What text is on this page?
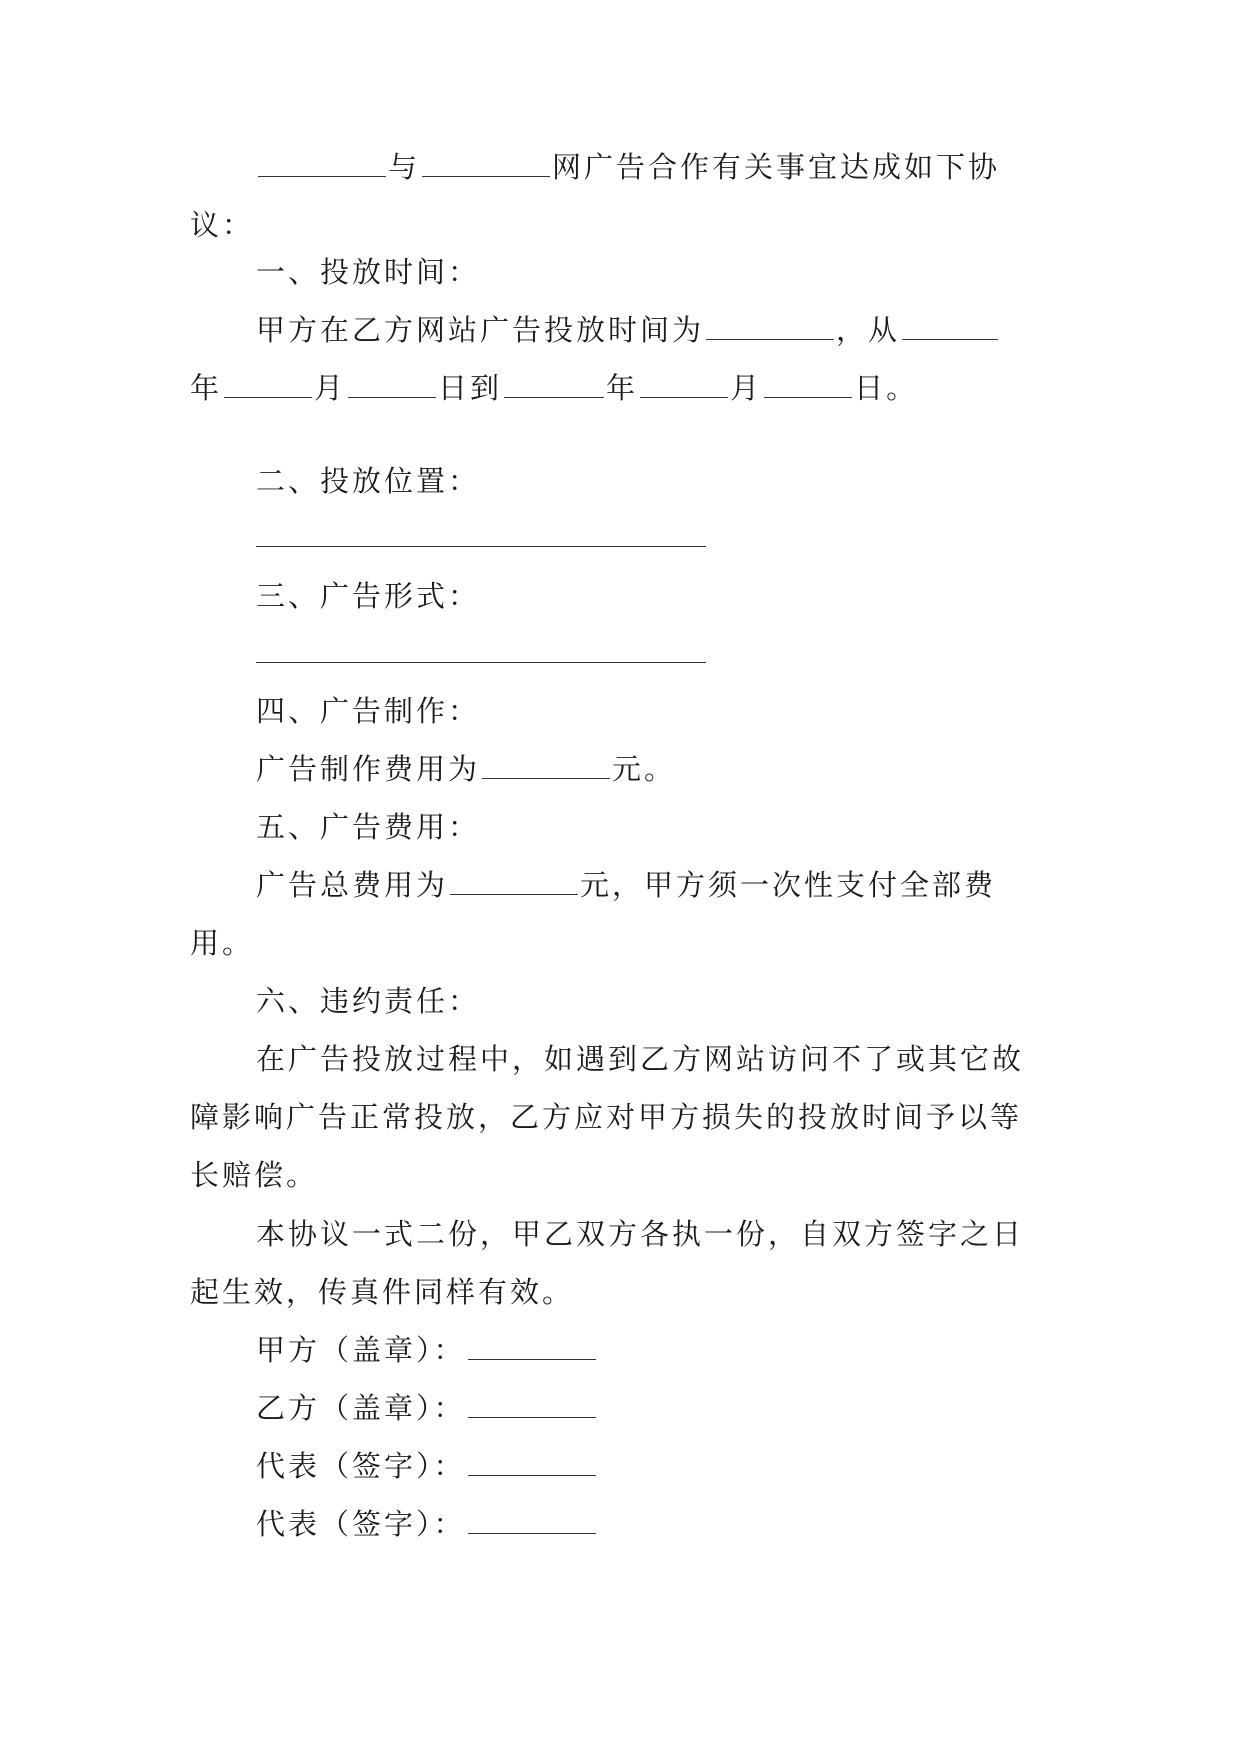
与	网广告合作有关事宜达成如下协

议：

一、投放时间：

甲方在乙方网站广告投放时间为	，从

年	月	日到	年	月	日。

二、投放位置：

三、广告形式：

四、广告制作：

广告制作费用为	元。

五、广告费用：

广告总费用为	元，甲方须一次性支付全部费

用。

六、违约责任：

在广告投放过程中，如遇到乙方网站访问不了或其它故

障影响广告正常投放，乙方应对甲方损失的投放时间予以等

长赔偿。

本协议一式二份，甲乙双方各执一份，自双方签字之日

起生效，传真件同样有效。

甲方（盖章）：

乙方（盖章）：

代表（签字）：

代表（签字）：
